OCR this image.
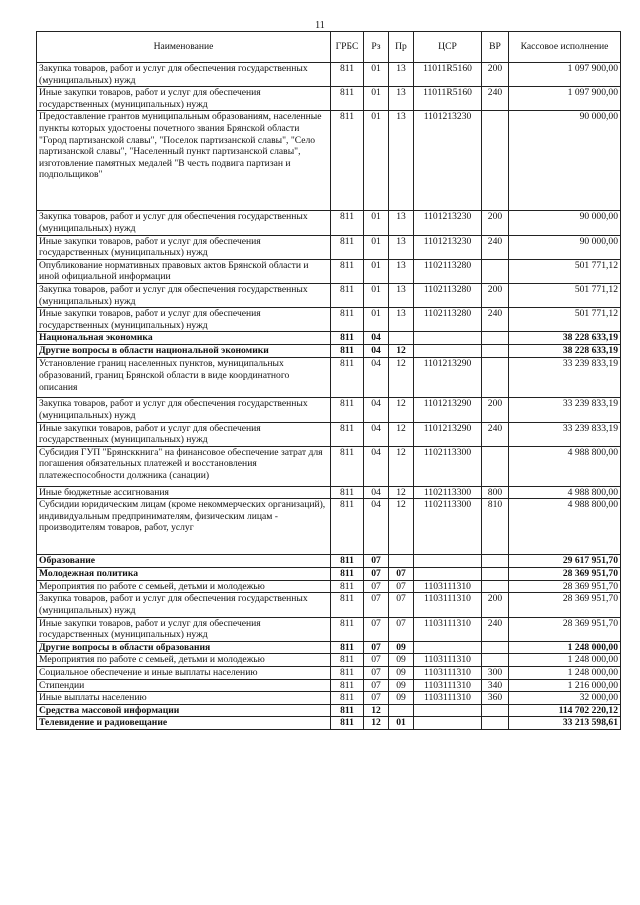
11
Наименование	ГРБС	Рз	Пр	ЦСР	ВР	Кассовое исполнение
Закупка товаров, работ и услуг для обеспечения государственных (муниципальных) нужд	811	01	13	11011R5160	200	1 097 900,00
Иные закупки товаров, работ и услуг для обеспечения государственных (муниципальных) нужд	811	01	13	11011R5160	240	1 097 900,00
Предоставление грантов муниципальным образованиям, населенные пункты которых удостоены почетного звания Брянской области "Город партизанской славы", "Поселок партизанской славы", "Село партизанской славы", "Населенный пункт партизанской славы", изготовление памятных медалей "В честь подвига партизан и подпольщиков"	811	01	13	1101213230		90 000,00
Закупка товаров, работ и услуг для обеспечения государственных (муниципальных) нужд	811	01	13	1101213230	200	90 000,00
Иные закупки товаров, работ и услуг для обеспечения государственных (муниципальных) нужд	811	01	13	1101213230	240	90 000,00
Опубликование нормативных правовых актов Брянской области и иной официальной информации	811	01	13	1102113280		501 771,12
Закупка товаров, работ и услуг для обеспечения государственных (муниципальных) нужд	811	01	13	1102113280	200	501 771,12
Иные закупки товаров, работ и услуг для обеспечения государственных (муниципальных) нужд	811	01	13	1102113280	240	501 771,12
Национальная экономика	811	04				38 228 633,19
Другие вопросы в области национальной экономики	811	04	12			38 228 633,19
Установление границ населенных пунктов, муниципальных образований, границ Брянской области в виде координатного описания	811	04	12	1101213290		33 239 833,19
Закупка товаров, работ и услуг для обеспечения государственных (муниципальных) нужд	811	04	12	1101213290	200	33 239 833,19
Иные закупки товаров, работ и услуг для обеспечения государственных (муниципальных) нужд	811	04	12	1101213290	240	33 239 833,19
Субсидия ГУП "Брянсккнига" на финансовое обеспечение затрат для погашения обязательных платежей и восстановления платежеспособности должника (санации)	811	04	12	1102113300		4 988 800,00
Иные бюджетные ассигнования	811	04	12	1102113300	800	4 988 800,00
Субсидии юридическим лицам (кроме некоммерческих организаций), индивидуальным предпринимателям, физическим лицам - производителям товаров, работ, услуг	811	04	12	1102113300	810	4 988 800,00
Образование	811	07				29 617 951,70
Молодежная политика	811	07	07			28 369 951,70
Мероприятия по работе с семьей, детьми и молодежью	811	07	07	1103111310		28 369 951,70
Закупка товаров, работ и услуг для обеспечения государственных (муниципальных) нужд	811	07	07	1103111310	200	28 369 951,70
Иные закупки товаров, работ и услуг для обеспечения государственных (муниципальных) нужд	811	07	07	1103111310	240	28 369 951,70
Другие вопросы в области образования	811	07	09			1 248 000,00
Мероприятия по работе с семьей, детьми и молодежью	811	07	09	1103111310		1 248 000,00
Социальное обеспечение и иные выплаты населению	811	07	09	1103111310	300	1 248 000,00
Стипендии	811	07	09	1103111310	340	1 216 000,00
Иные выплаты населению	811	07	09	1103111310	360	32 000,00
Средства массовой информации	811	12				114 702 220,12
Телевидение и радиовещание	811	12	01			33 213 598,61
